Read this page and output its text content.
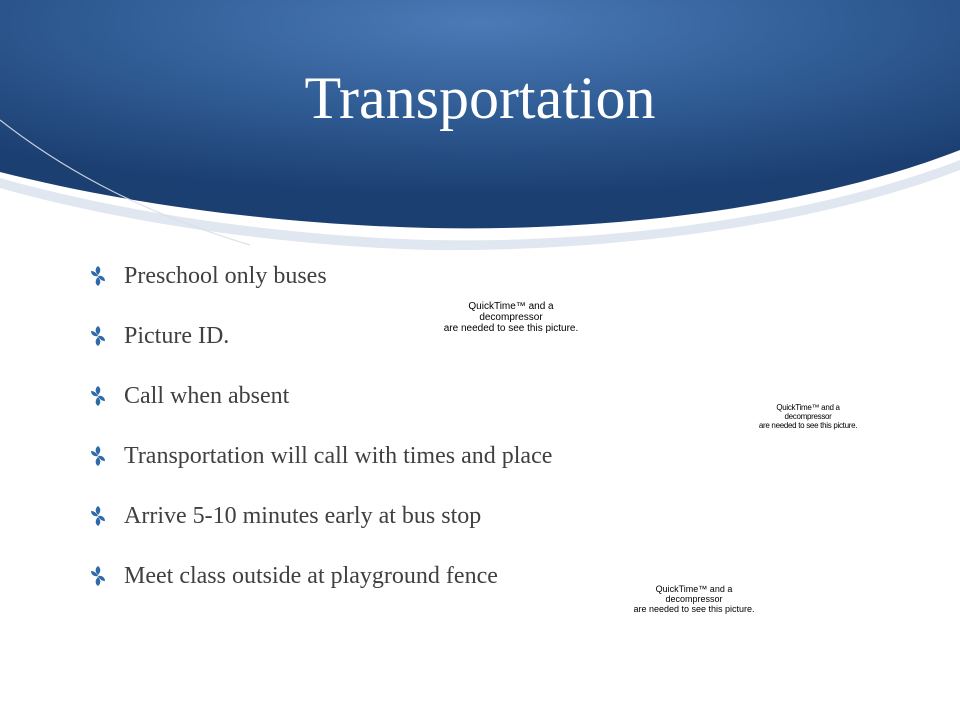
Transportation
Preschool only buses
Picture ID.
Call when absent
Transportation will call with times and place
Arrive 5-10 minutes early at bus stop
Meet class outside at playground fence
QuickTime™ and a
decompressor
are needed to see this picture.
QuickTime™ and a
decompressor
are needed to see this picture.
QuickTime™ and a
decompressor
are needed to see this picture.
